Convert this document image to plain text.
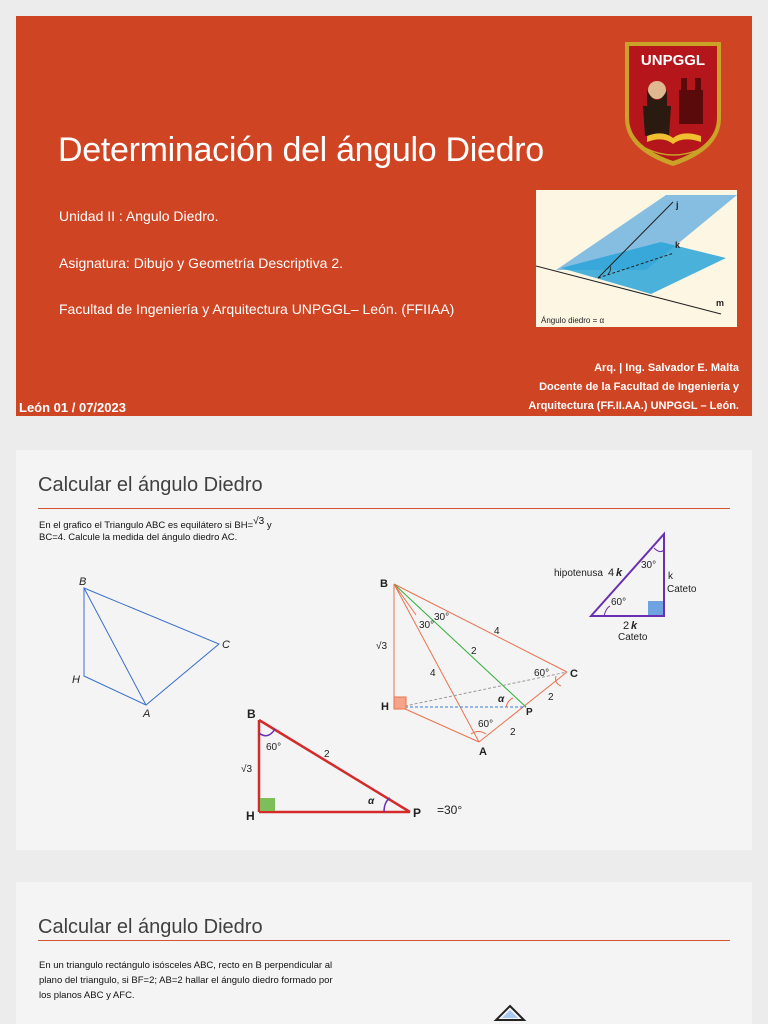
Determinación del ángulo Diedro
Unidad II : Angulo Diedro.
Asignatura: Dibujo y Geometría Descriptiva 2.
Facultad de Ingeniería y Arquitectura UNPGGL– León. (FFIIAA)
León 01 / 07/2023
Arq. | Ing. Salvador E. Malta
Docente de la Facultad de Ingeniería y
Arquitectura (FF.II.AA.) UNPGGL – León.
UNPGGL
j
k
m
Ángulo diedro = α
Calcular el ángulo Diedro
En el grafico el Triangulo ABC es equilátero si BH=$^{√3}$ y
BC=4. Calcule la medida del ángulo diedro AC.
B
C
H
A
B
C
H
A
P
√3
30°
30°
4
4
2
2
2
60°
60°
α
hipotenusa 4 k
30°
60°
k
Cateto
2 k
Cateto
B
H	P
60°
2
√3
α
=30°
Calcular el ángulo Diedro
En un triangulo rectángulo isósceles ABC, recto en B perpendicular al
plano del triangulo, si BF=2; AB=2 hallar el ángulo diedro formado por
los planos ABC y AFC.
